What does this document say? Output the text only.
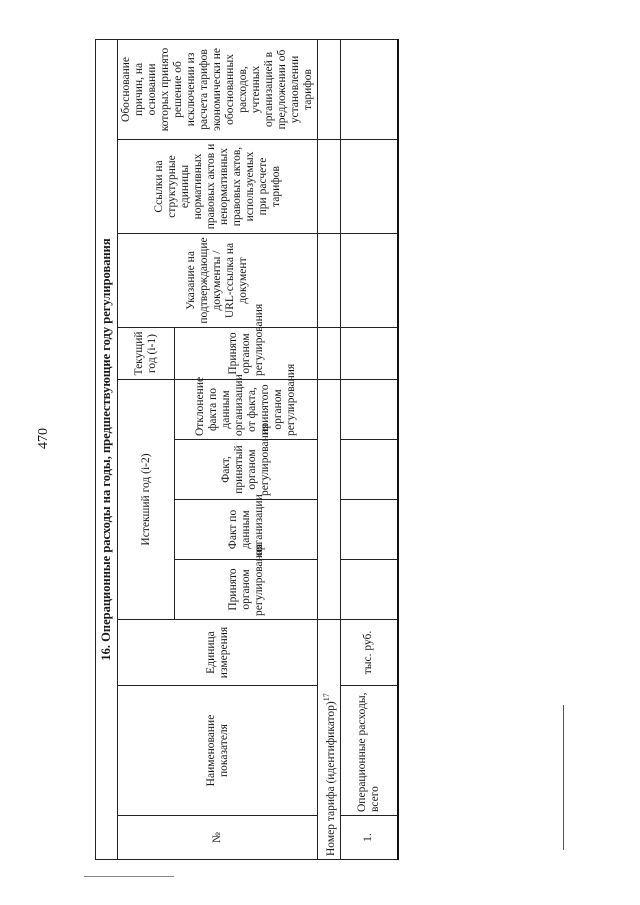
470	16. Операционные расходы на годы, предшествующие году регулирования										
№	Наименование показателя	Единица измерения	Истекший год (i-2)				Текущий год (i-1)	Указание на подтверждающие документы / URL-ссылка на документ	Ссылки на структурные единицы нормативных правовых актов и ненормативных правовых актов, используемых при расчете тарифов	Обоснование причин, на основании которых принято решение об исключении из расчета тарифов экономически не обоснованных расходов, учтенных организацией в предложении об установлении тарифов
			Принято органом регулирования	Факт по данным организации	Факт, принятый органом регулирования	Отклонение факта по данным организации от факта, принятого органом регулирования	Принято органом регулирования			

Номер тарифа (идентификатор)$^{17}$					
1.	Операционные расходы, всего	тыс. руб.								
